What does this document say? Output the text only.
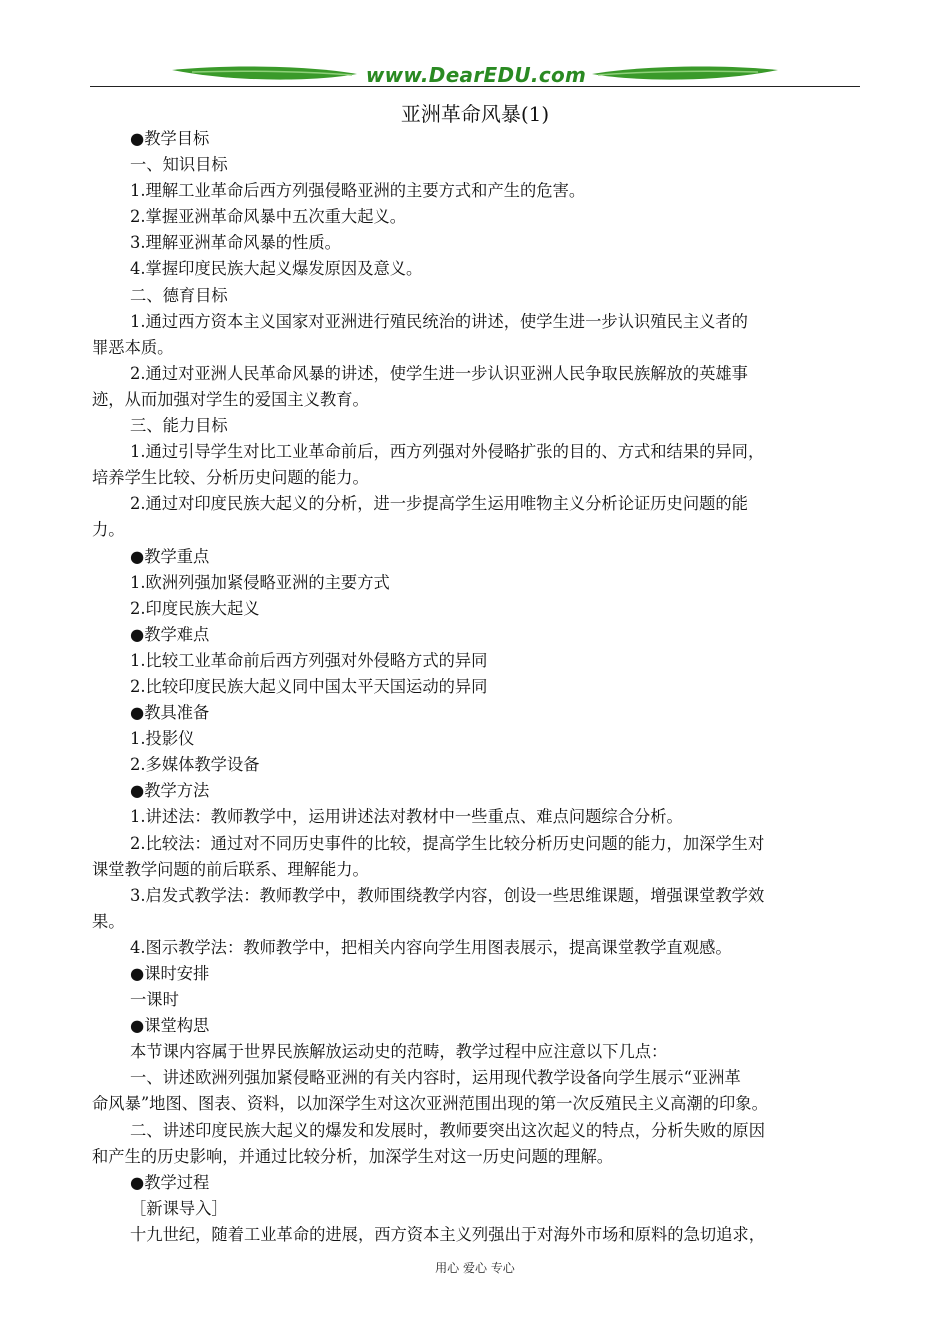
www.DearEDU.com
亚洲革命风暴(1)
●教学目标
一、知识目标
1.理解工业革命后西方列强侵略亚洲的主要方式和产生的危害。
2.掌握亚洲革命风暴中五次重大起义。
3.理解亚洲革命风暴的性质。
4.掌握印度民族大起义爆发原因及意义。
二、德育目标
1.通过西方资本主义国家对亚洲进行殖民统治的讲述，使学生进一步认识殖民主义者的
罪恶本质。
2.通过对亚洲人民革命风暴的讲述，使学生进一步认识亚洲人民争取民族解放的英雄事
迹，从而加强对学生的爱国主义教育。
三、能力目标
1.通过引导学生对比工业革命前后，西方列强对外侵略扩张的目的、方式和结果的异同，
培养学生比较、分析历史问题的能力。
2.通过对印度民族大起义的分析，进一步提高学生运用唯物主义分析论证历史问题的能
力。
●教学重点
1.欧洲列强加紧侵略亚洲的主要方式
2.印度民族大起义
●教学难点
1.比较工业革命前后西方列强对外侵略方式的异同
2.比较印度民族大起义同中国太平天国运动的异同
●教具准备
1.投影仪
2.多媒体教学设备
●教学方法
1.讲述法：教师教学中，运用讲述法对教材中一些重点、难点问题综合分析。
2.比较法：通过对不同历史事件的比较，提高学生比较分析历史问题的能力，加深学生对
课堂教学问题的前后联系、理解能力。
3.启发式教学法：教师教学中，教师围绕教学内容，创设一些思维课题，增强课堂教学效
果。
4.图示教学法：教师教学中，把相关内容向学生用图表展示，提高课堂教学直观感。
●课时安排
一课时
●课堂构思
本节课内容属于世界民族解放运动史的范畴，教学过程中应注意以下几点：
一、讲述欧洲列强加紧侵略亚洲的有关内容时，运用现代教学设备向学生展示“亚洲革
命风暴”地图、图表、资料，以加深学生对这次亚洲范围出现的第一次反殖民主义高潮的印象。
二、讲述印度民族大起义的爆发和发展时，教师要突出这次起义的特点，分析失败的原因
和产生的历史影响，并通过比较分析，加深学生对这一历史问题的理解。
●教学过程
［新课导入］
十九世纪，随着工业革命的进展，西方资本主义列强出于对海外市场和原料的急切追求，
用心 爱心 专心
